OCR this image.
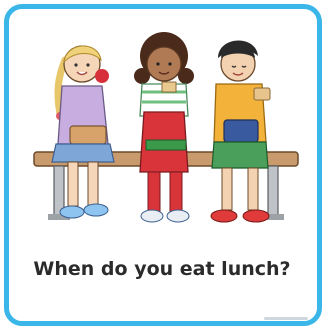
When do you eat lunch?
